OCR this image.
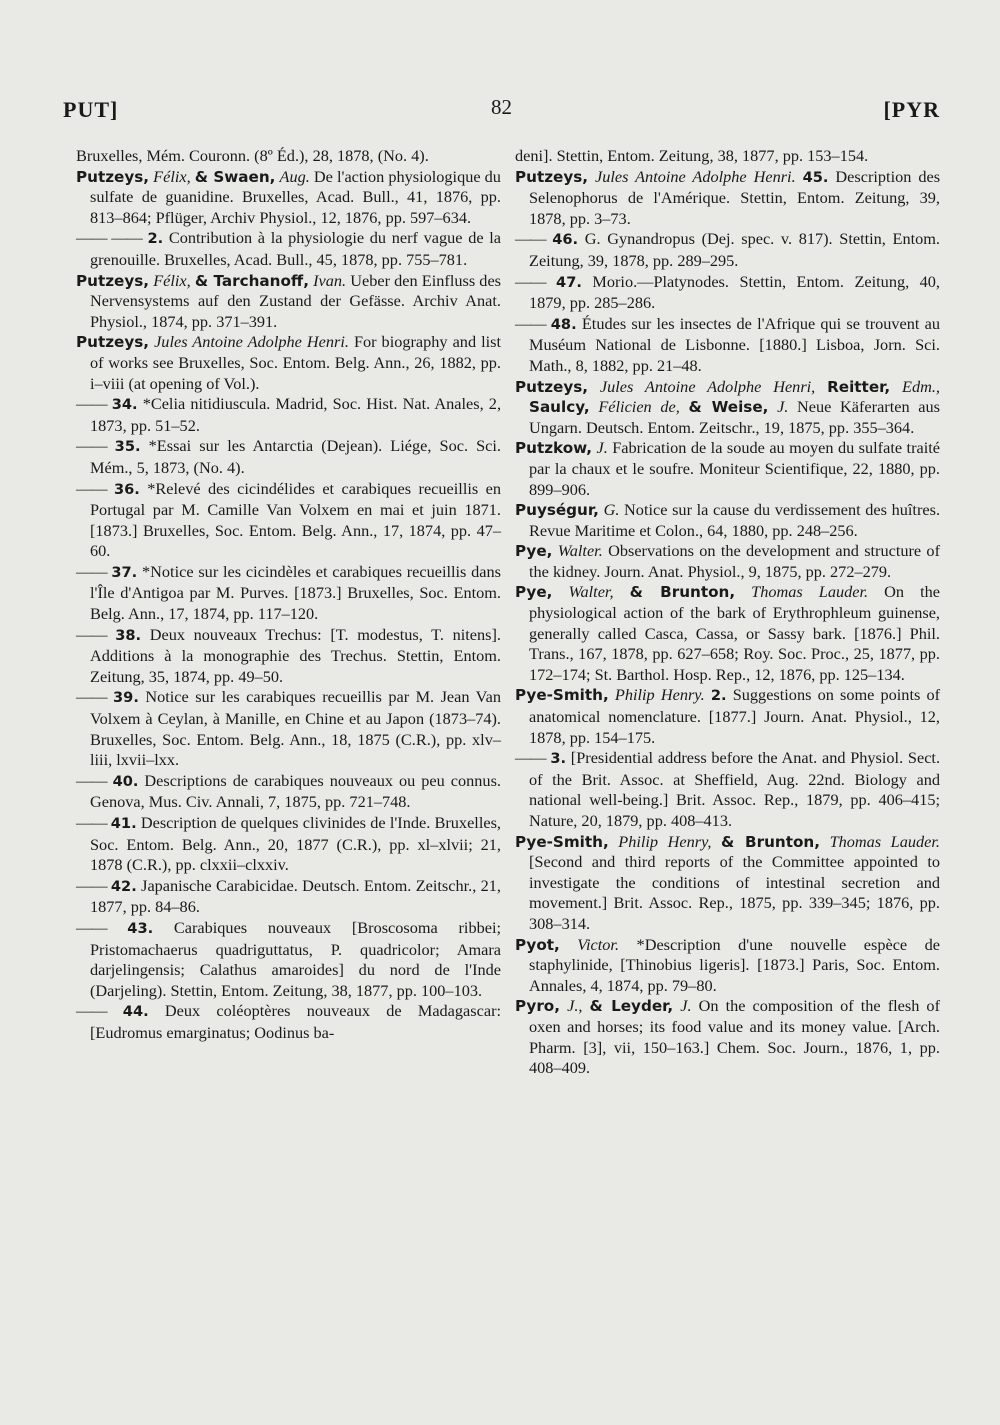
PUT]	82	[PYR

Bruxelles, Mém. Couronn. (8º Éd.), 28, 1878, (No. 4).

Putzeys, Félix, & Swaen, Aug. De l'action physiologique du sulfate de guanidine. Bruxelles, Acad. Bull., 41, 1876, pp. 813–864; Pflüger, Archiv Physiol., 12, 1876, pp. 597–634.

—— —— 2. Contribution à la physiologie du nerf vague de la grenouille. Bruxelles, Acad. Bull., 45, 1878, pp. 755–781.

Putzeys, Félix, & Tarchanoff, Ivan. Ueber den Einfluss des Nervensystems auf den Zustand der Gefässe. Archiv Anat. Physiol., 1874, pp. 371–391.

Putzeys, Jules Antoine Adolphe Henri. For biography and list of works see Bruxelles, Soc. Entom. Belg. Ann., 26, 1882, pp. i–viii (at opening of Vol.).

—— 34. *Celia nitidiuscula. Madrid, Soc. Hist. Nat. Anales, 2, 1873, pp. 51–52.

—— 35. *Essai sur les Antarctia (Dejean). Liége, Soc. Sci. Mém., 5, 1873, (No. 4).

—— 36. *Relevé des cicindélides et carabiques recueillis en Portugal par M. Camille Van Volxem en mai et juin 1871. [1873.] Bruxelles, Soc. Entom. Belg. Ann., 17, 1874, pp. 47–60.

—— 37. *Notice sur les cicindèles et carabiques recueillis dans l'Île d'Antigoa par M. Purves. [1873.] Bruxelles, Soc. Entom. Belg. Ann., 17, 1874, pp. 117–120.

—— 38. Deux nouveaux Trechus: [T. modestus, T. nitens]. Additions à la monographie des Trechus. Stettin, Entom. Zeitung, 35, 1874, pp. 49–50.

—— 39. Notice sur les carabiques recueillis par M. Jean Van Volxem à Ceylan, à Manille, en Chine et au Japon (1873–74). Bruxelles, Soc. Entom. Belg. Ann., 18, 1875 (C.R.), pp. xlv–liii, lxvii–lxx.

—— 40. Descriptions de carabiques nouveaux ou peu connus. Genova, Mus. Civ. Annali, 7, 1875, pp. 721–748.

—— 41. Description de quelques clivinides de l'Inde. Bruxelles, Soc. Entom. Belg. Ann., 20, 1877 (C.R.), pp. xl–xlvii; 21, 1878 (C.R.), pp. clxxii–clxxiv.

—— 42. Japanische Carabicidae. Deutsch. Entom. Zeitschr., 21, 1877, pp. 84–86.

—— 43. Carabiques nouveaux [Broscosoma ribbei; Pristomachaerus quadriguttatus, P. quadricolor; Amara darjelingensis; Calathus amaroides] du nord de l'Inde (Darjeling). Stettin, Entom. Zeitung, 38, 1877, pp. 100–103.

—— 44. Deux coléoptères nouveaux de Madagascar: [Eudromus emarginatus; Oodinus ba-

deni]. Stettin, Entom. Zeitung, 38, 1877, pp. 153–154.

Putzeys, Jules Antoine Adolphe Henri. 45. Description des Selenophorus de l'Amérique. Stettin, Entom. Zeitung, 39, 1878, pp. 3–73.

—— 46. G. Gynandropus (Dej. spec. v. 817). Stettin, Entom. Zeitung, 39, 1878, pp. 289–295.

—— 47. Morio.—Platynodes. Stettin, Entom. Zeitung, 40, 1879, pp. 285–286.

—— 48. Études sur les insectes de l'Afrique qui se trouvent au Muséum National de Lisbonne. [1880.] Lisboa, Jorn. Sci. Math., 8, 1882, pp. 21–48.

Putzeys, Jules Antoine Adolphe Henri, Reitter, Edm., Saulcy, Félicien de, & Weise, J. Neue Käferarten aus Ungarn. Deutsch. Entom. Zeitschr., 19, 1875, pp. 355–364.

Putzkow, J. Fabrication de la soude au moyen du sulfate traité par la chaux et le soufre. Moniteur Scientifique, 22, 1880, pp. 899–906.

Puységur, G. Notice sur la cause du verdissement des huîtres. Revue Maritime et Colon., 64, 1880, pp. 248–256.

Pye, Walter. Observations on the development and structure of the kidney. Journ. Anat. Physiol., 9, 1875, pp. 272–279.

Pye, Walter, & Brunton, Thomas Lauder. On the physiological action of the bark of Erythrophleum guinense, generally called Casca, Cassa, or Sassy bark. [1876.] Phil. Trans., 167, 1878, pp. 627–658; Roy. Soc. Proc., 25, 1877, pp. 172–174; St. Barthol. Hosp. Rep., 12, 1876, pp. 125–134.

Pye-Smith, Philip Henry. 2. Suggestions on some points of anatomical nomenclature. [1877.] Journ. Anat. Physiol., 12, 1878, pp. 154–175.

—— 3. [Presidential address before the Anat. and Physiol. Sect. of the Brit. Assoc. at Sheffield, Aug. 22nd. Biology and national well-being.] Brit. Assoc. Rep., 1879, pp. 406–415; Nature, 20, 1879, pp. 408–413.

Pye-Smith, Philip Henry, & Brunton, Thomas Lauder. [Second and third reports of the Committee appointed to investigate the conditions of intestinal secretion and movement.] Brit. Assoc. Rep., 1875, pp. 339–345; 1876, pp. 308–314.

Pyot, Victor. *Description d'une nouvelle espèce de staphylinide, [Thinobius ligeris]. [1873.] Paris, Soc. Entom. Annales, 4, 1874, pp. 79–80.

Pyro, J., & Leyder, J. On the composition of the flesh of oxen and horses; its food value and its money value. [Arch. Pharm. [3], vii, 150–163.] Chem. Soc. Journ., 1876, 1, pp. 408–409.
